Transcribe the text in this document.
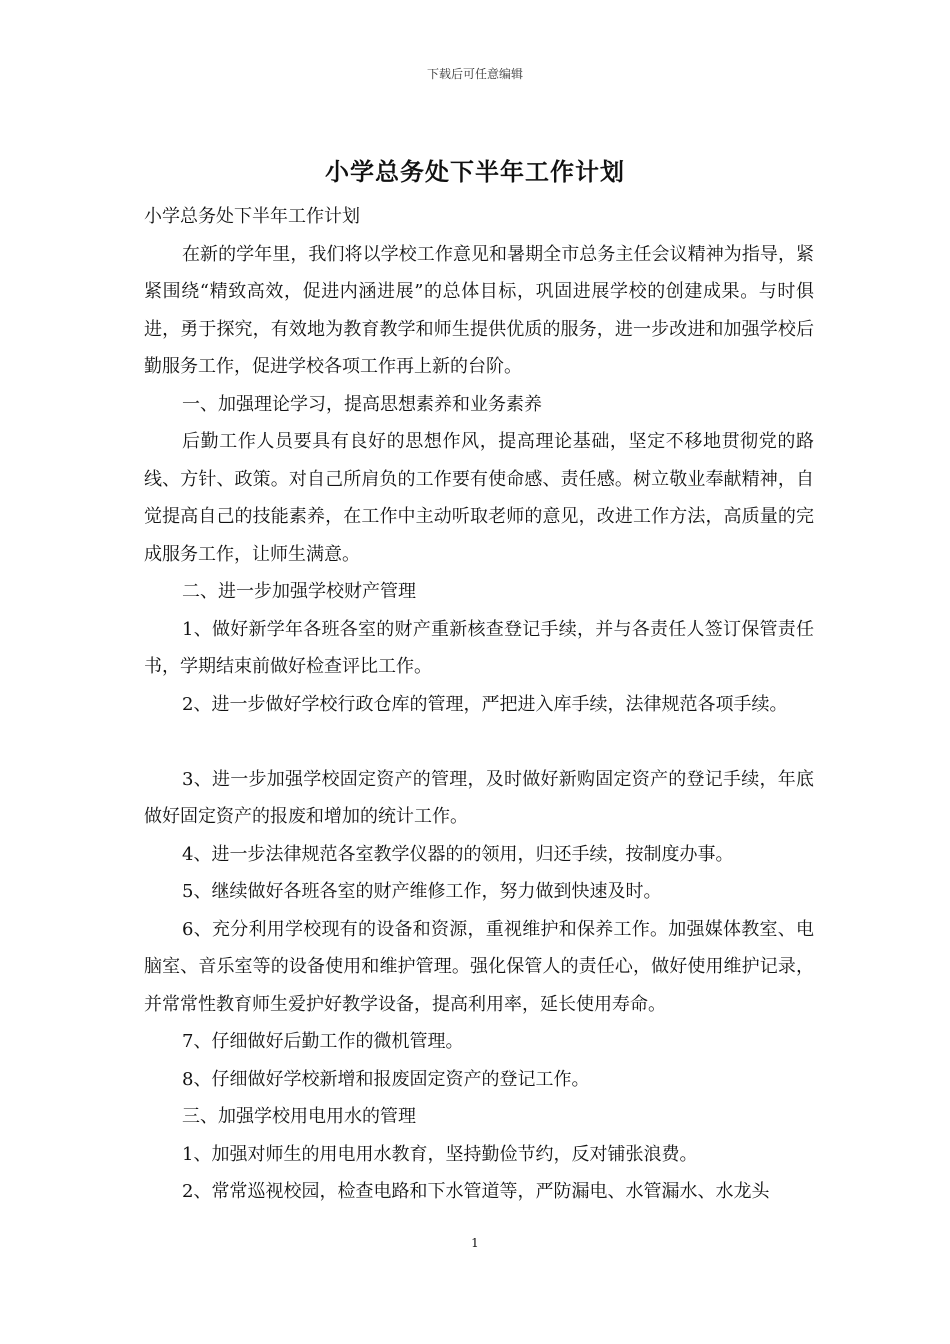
下载后可任意编辑
小学总务处下半年工作计划

小学总务处下半年工作计划

在新的学年里，我们将以学校工作意见和暑期全市总务主任会议精神为指导，紧紧围绕“精致高效，促进内涵进展”的总体目标，巩固进展学校的创建成果。与时俱进，勇于探究，有效地为教育教学和师生提供优质的服务，进一步改进和加强学校后勤服务工作，促进学校各项工作再上新的台阶。

一、加强理论学习，提高思想素养和业务素养

后勤工作人员要具有良好的思想作风，提高理论基础，坚定不移地贯彻党的路线、方针、政策。对自己所肩负的工作要有使命感、责任感。树立敬业奉献精神，自觉提高自己的技能素养，在工作中主动听取老师的意见，改进工作方法，高质量的完成服务工作，让师生满意。

二、进一步加强学校财产管理

1、做好新学年各班各室的财产重新核查登记手续，并与各责任人签订保管责任书，学期结束前做好检查评比工作。

2、进一步做好学校行政仓库的管理，严把进入库手续，法律规范各项手续。

3、进一步加强学校固定资产的管理，及时做好新购固定资产的登记手续，年底做好固定资产的报废和增加的统计工作。

4、进一步法律规范各室教学仪器的的领用，归还手续，按制度办事。

5、继续做好各班各室的财产维修工作，努力做到快速及时。

6、充分利用学校现有的设备和资源，重视维护和保养工作。加强媒体教室、电脑室、音乐室等的设备使用和维护管理。强化保管人的责任心，做好使用维护记录，并常常性教育师生爱护好教学设备，提高利用率，延长使用寿命。

7、仔细做好后勤工作的微机管理。

8、仔细做好学校新增和报废固定资产的登记工作。

三、加强学校用电用水的管理

1、加强对师生的用电用水教育，坚持勤俭节约，反对铺张浪费。

2、常常巡视校园，检查电路和下水管道等，严防漏电、水管漏水、水龙头

1
